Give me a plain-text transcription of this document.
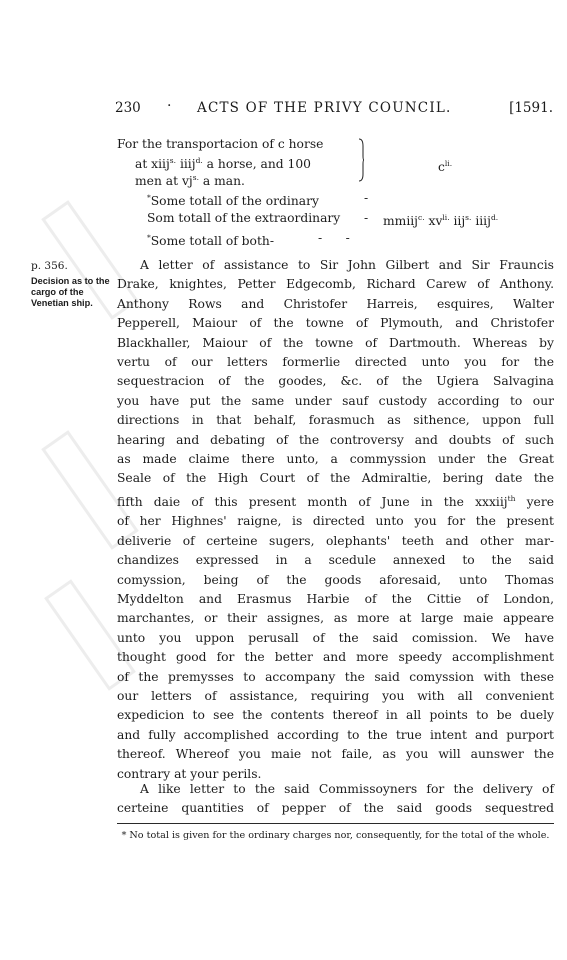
230 · ACTS OF THE PRIVY COUNCIL.	[1591.
For the transportacion of c horse
at xiij$^{s.}$ iiij$^{d.}$ a horse, and 100
men at $vj^{s.}$ a man.
$c^{li.}$
*Some totall of the ordinary	-
Som totall of the extraordinary - mmiij$^{c.}$ $xv^{li.}$ iij$^{s.}$ iiij$^{d.}$
*Some totall of both-	-      -
p. 356.
Decision as to the cargo of the Venetian ship.

A letter of assistance to Sir John Gilbert and Sir Frauncis

Drake, knightes, Petter Edgecomb, Richard Carew of Anthony.

Anthony Rows and Christofer Harreis, esquires, Walter

Pepperell, Maiour of the towne of Plymouth, and Christofer

Blackhaller, Maiour of the towne of Dartmouth. Whereas by

vertu of our letters formerlie directed unto you for the

sequestracion of the goodes, &c. of the Ugiera Salvagina

you have put the same under sauf custody according to our

directions in that behalf, forasmuch as sithence, uppon full

hearing and debating of the controversy and doubts of such

as made claime there unto, a commyssion under the Great

Seale of the High Court of the Admiraltie, bering date the

fifth daie of this present month of June in the xxxiij$^{th}$ yere

of her Highnes' raigne, is directed unto you for the present

deliverie of certeine sugers, olephants' teeth and other mar-

chandizes expressed in a scedule annexed to the said

comyssion, being of the goods aforesaid, unto Thomas

Myddelton and Erasmus Harbie of the Cittie of London,

marchantes, or their assignes, as more at large maie appeare

unto you uppon perusall of the said comission. We have

thought good for the better and more speedy accomplishment

of the premysses to accompany the said comyssion with these

our letters of assistance, requiring you with all convenient

expedicion to see the contents thereof in all points to be duely

and fully accomplished according to the true intent and purport

thereof. Whereof you maie not faile, as you will aunswer the

contrary at your perils.

A like letter to the said Commissoyners for the delivery of

certeine quantities of pepper of the said goods sequestred

* No total is given for the ordinary charges nor, consequently, for the total of the whole.
